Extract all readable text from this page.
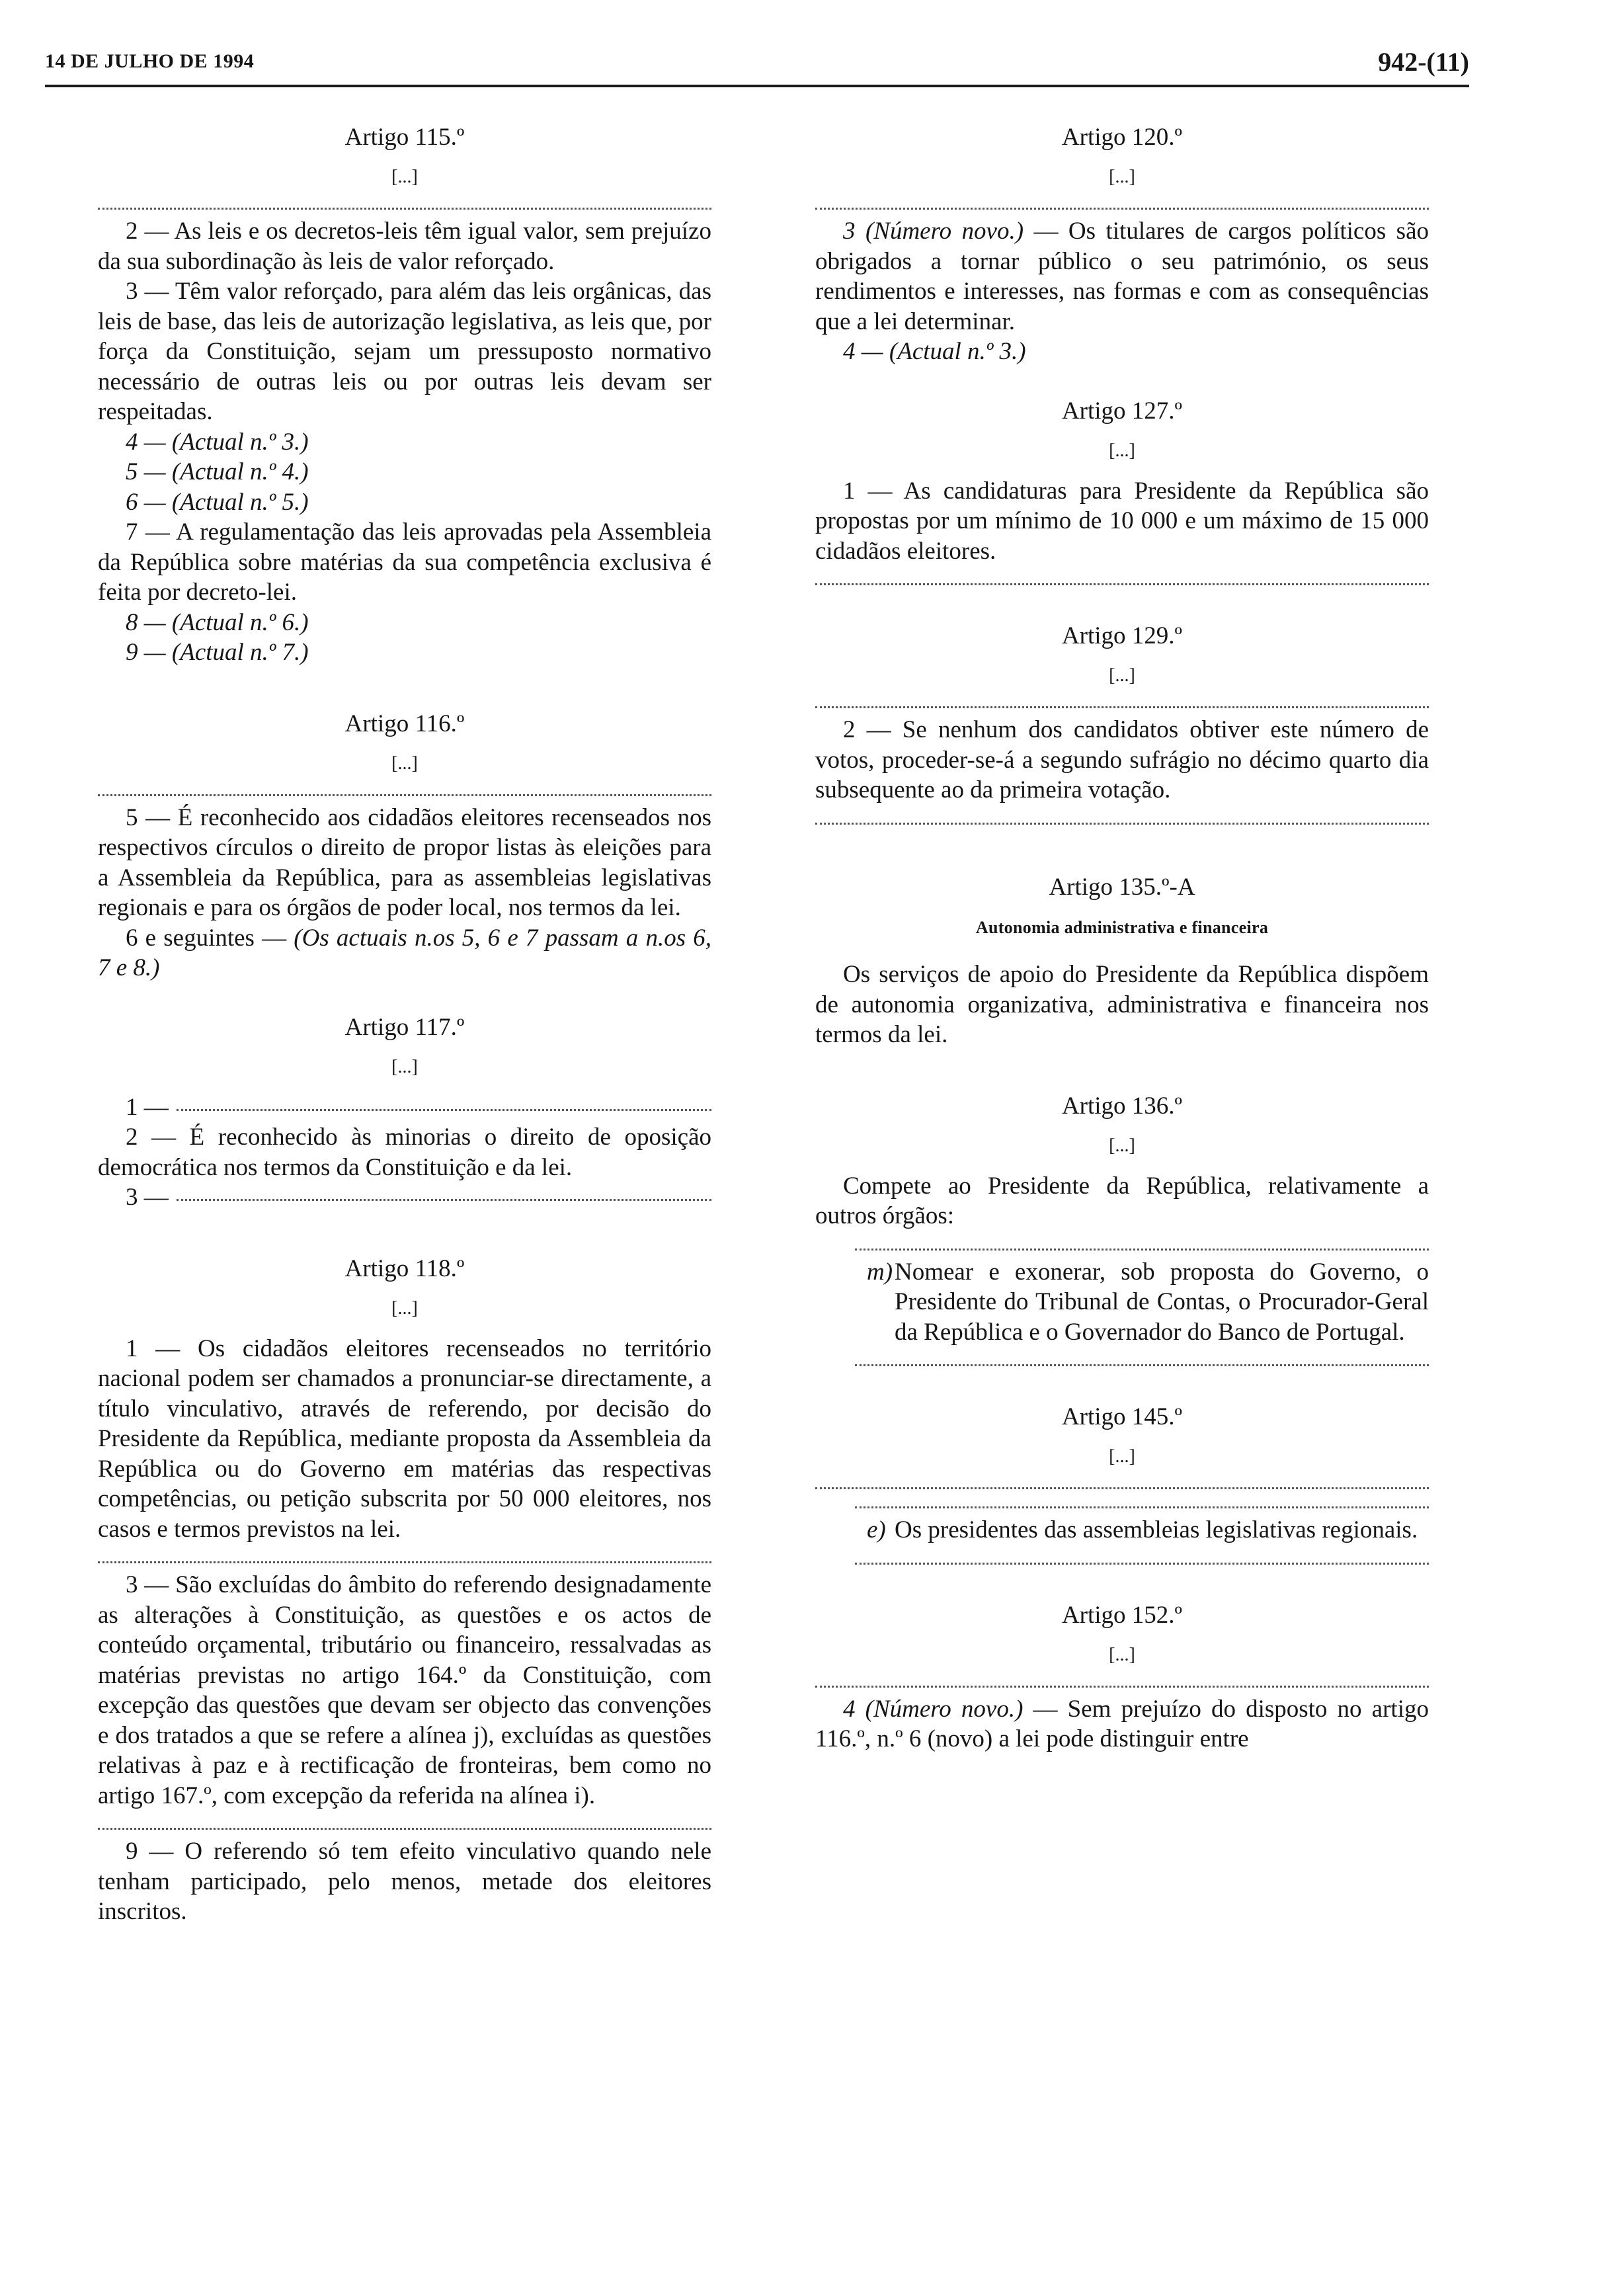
14 DE JULHO DE 1994	942-(11)
Artigo 115.º
[...]
2 — As leis e os decretos-leis têm igual valor, sem prejuízo da sua subordinação às leis de valor reforçado.
3 — Têm valor reforçado, para além das leis orgânicas, das leis de base, das leis de autorização legislativa, as leis que, por força da Constituição, sejam um pressuposto normativo necessário de outras leis ou por outras leis devam ser respeitadas.
4 — (Actual n.º 3.)
5 — (Actual n.º 4.)
6 — (Actual n.º 5.)
7 — A regulamentação das leis aprovadas pela Assembleia da República sobre matérias da sua competência exclusiva é feita por decreto-lei.
8 — (Actual n.º 6.)
9 — (Actual n.º 7.)
Artigo 116.º
[...]
5 — É reconhecido aos cidadãos eleitores recenseados nos respectivos círculos o direito de propor listas às eleições para a Assembleia da República, para as assembleias legislativas regionais e para os órgãos de poder local, nos termos da lei.
6 e seguintes — (Os actuais n.os 5, 6 e 7 passam a n.os 6, 7 e 8.)
Artigo 117.º
[...]
1 —
2 — É reconhecido às minorias o direito de oposição democrática nos termos da Constituição e da lei.
3 —
Artigo 118.º
[...]
1 — Os cidadãos eleitores recenseados no território nacional podem ser chamados a pronunciar-se directamente, a título vinculativo, através de referendo, por decisão do Presidente da República, mediante proposta da Assembleia da República ou do Governo em matérias das respectivas competências, ou petição subscrita por 50 000 eleitores, nos casos e termos previstos na lei.
3 — São excluídas do âmbito do referendo designadamente as alterações à Constituição, as questões e os actos de conteúdo orçamental, tributário ou financeiro, ressalvadas as matérias previstas no artigo 164.º da Constituição, com excepção das questões que devam ser objecto das convenções e dos tratados a que se refere a alínea j), excluídas as questões relativas à paz e à rectificação de fronteiras, bem como no artigo 167.º, com excepção da referida na alínea i).
9 — O referendo só tem efeito vinculativo quando nele tenham participado, pelo menos, metade dos eleitores inscritos.
Artigo 120.º
[...]
3 (Número novo.) — Os titulares de cargos políticos são obrigados a tornar público o seu património, os seus rendimentos e interesses, nas formas e com as consequências que a lei determinar.
4 — (Actual n.º 3.)
Artigo 127.º
[...]
1 — As candidaturas para Presidente da República são propostas por um mínimo de 10 000 e um máximo de 15 000 cidadãos eleitores.
Artigo 129.º
[...]
2 — Se nenhum dos candidatos obtiver este número de votos, proceder-se-á a segundo sufrágio no décimo quarto dia subsequente ao da primeira votação.
Artigo 135.º-A
Autonomia administrativa e financeira
Os serviços de apoio do Presidente da República dispõem de autonomia organizativa, administrativa e financeira nos termos da lei.
Artigo 136.º
[...]
Compete ao Presidente da República, relativamente a outros órgãos:
m) Nomear e exonerar, sob proposta do Governo, o Presidente do Tribunal de Contas, o Procurador-Geral da República e o Governador do Banco de Portugal.
Artigo 145.º
[...]
e) Os presidentes das assembleias legislativas regionais.
Artigo 152.º
[...]
4 (Número novo.) — Sem prejuízo do disposto no artigo 116.º, n.º 6 (novo) a lei pode distinguir entre
